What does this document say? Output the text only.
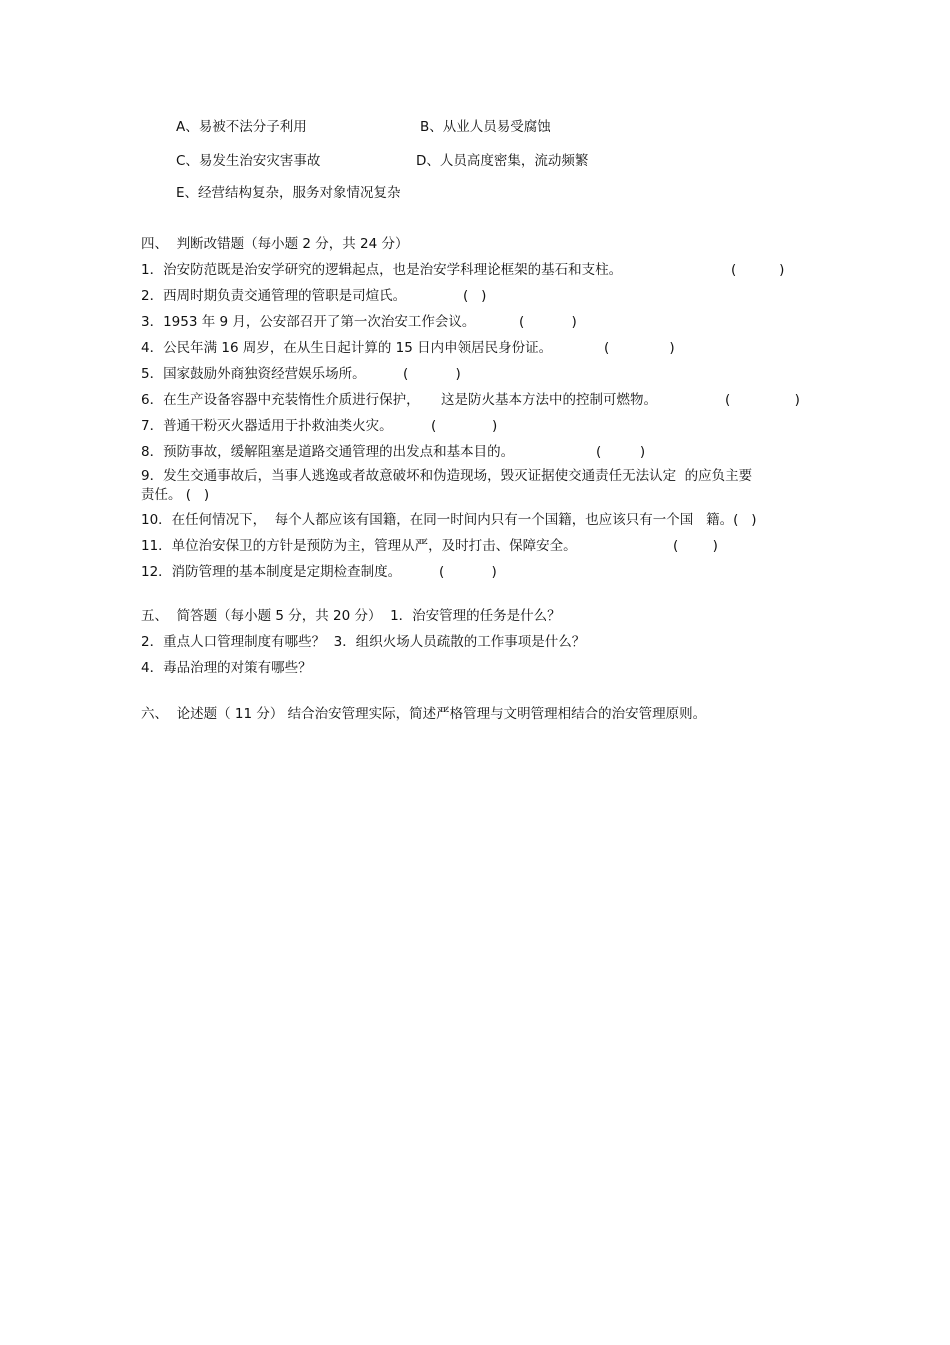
A、易被不法分子利用	B、从业人员易受腐蚀

C、易发生治安灾害事故	D、人员高度密集，流动频繁

E、经营结构复杂，服务对象情况复杂

四、  判断改错题（每小题 2 分，共 24 分）

1．治安防范既是治安学研究的逻辑起点，也是治安学科理论框架的基石和支柱。	(          )

2．西周时期负责交通管理的管职是司煊氏。	(   )

3．1953 年 9 月，公安部召开了第一次治安工作会议。	(           )

4．公民年满 16 周岁，在从生日起计算的 15 日内申领居民身份证。	(              )

5．国家鼓励外商独资经营娱乐场所。	(           )

6．在生产设备容器中充装惰性介质进行保护，     这是防火基本方法中的控制可燃物。	(               )

7．普通干粉灭火器适用于扑救油类火灾。	(             )

8．预防事故，缓解阻塞是道路交通管理的出发点和基本目的。	(         )

9．发生交通事故后，当事人逃逸或者故意破坏和伪造现场，毁灭证据使交通责任无法认定  的应负主要

责任。 (   )

10．在任何情况下，  每个人都应该有国籍，在同一时间内只有一个国籍，也应该只有一个国   籍。(   )

11．单位治安保卫的方针是预防为主，管理从严，及时打击、保障安全。	(        )

12．消防管理的基本制度是定期检查制度。	(           )

五、  简答题（每小题 5 分，共 20 分）  1．治安管理的任务是什么？

2．重点人口管理制度有哪些？  3．组织火场人员疏散的工作事项是什么？

4．毒品治理的对策有哪些？

六、  论述题（ 11 分） 结合治安管理实际，简述严格管理与文明管理相结合的治安管理原则。
